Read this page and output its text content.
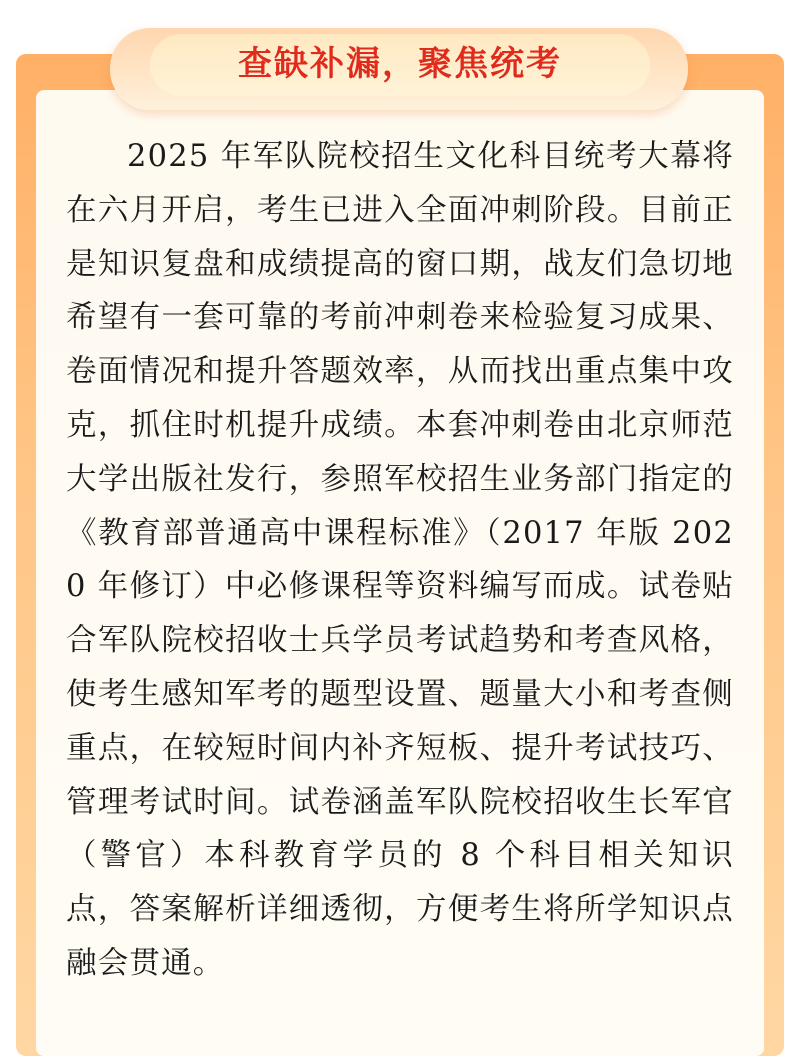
查缺补漏，聚焦统考
2025 年军队院校招生文化科目统考大幕将在六月开启，考生已进入全面冲刺阶段。目前正是知识复盘和成绩提高的窗口期，战友们急切地希望有一套可靠的考前冲刺卷来检验复习成果、卷面情况和提升答题效率，从而找出重点集中攻克，抓住时机提升成绩。本套冲刺卷由北京师范大学出版社发行，参照军校招生业务部门指定的《教育部普通高中课程标准》（2017 年版 2020 年修订）中必修课程等资料编写而成。试卷贴合军队院校招收士兵学员考试趋势和考查风格，使考生感知军考的题型设置、题量大小和考查侧重点，在较短时间内补齐短板、提升考试技巧、管理考试时间。试卷涵盖军队院校招收生长军官（警官）本科教育学员的 8 个科目相关知识点，答案解析详细透彻，方便考生将所学知识点融会贯通。
